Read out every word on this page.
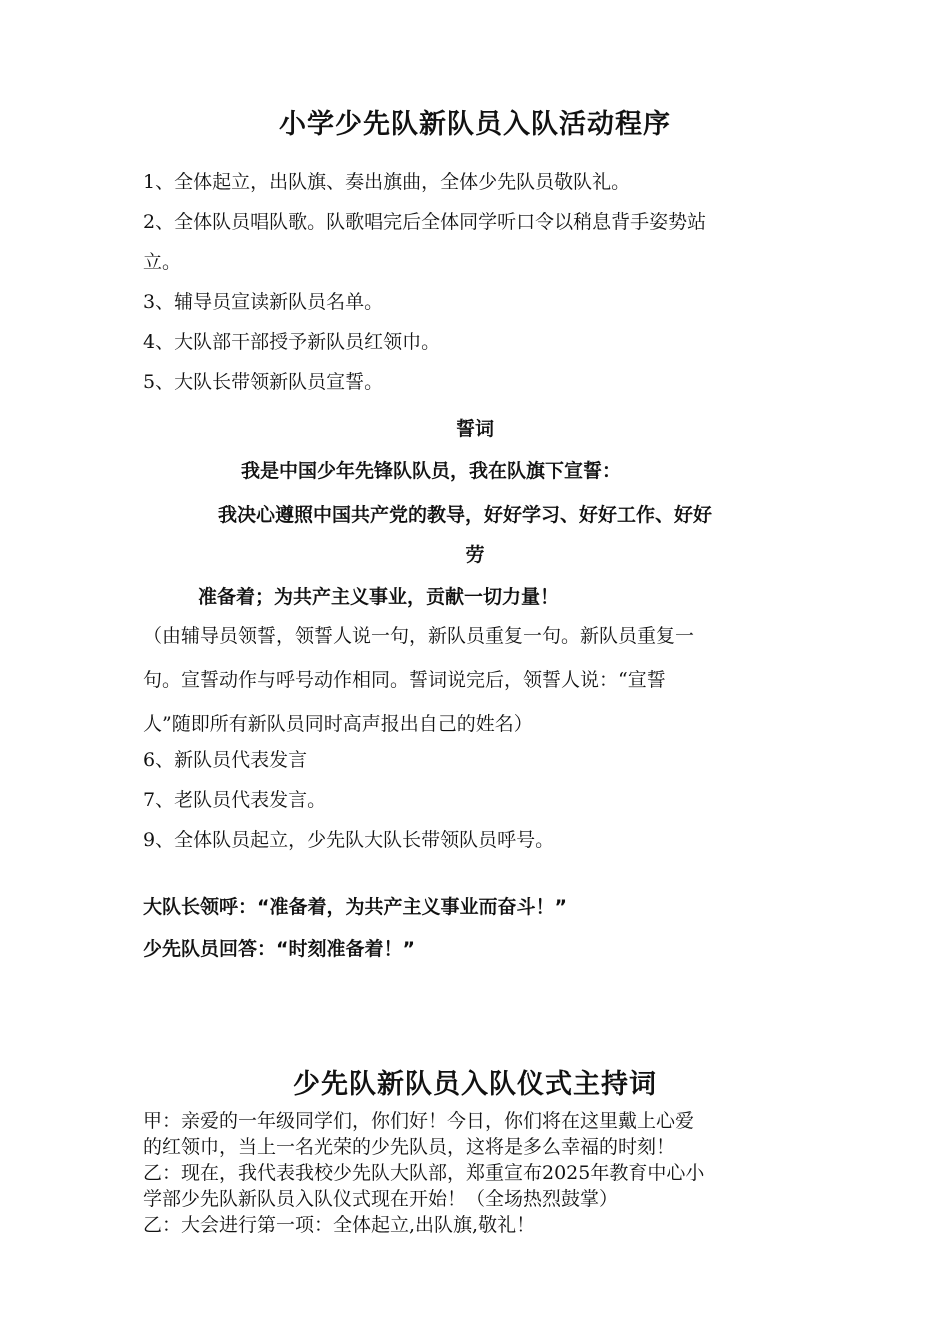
小学少先队新队员入队活动程序
1、全体起立，出队旗、奏出旗曲，全体少先队员敬队礼。
2、全体队员唱队歌。队歌唱完后全体同学听口令以稍息背手姿势站
立。
3、辅导员宣读新队员名单。
4、大队部干部授予新队员红领巾。
5、大队长带领新队员宣誓。
誓词
我是中国少年先锋队队员，我在队旗下宣誓：
我决心遵照中国共产党的教导，好好学习、好好工作、好好
劳
准备着；为共产主义事业，贡献一切力量！
（由辅导员领誓，领誓人说一句，新队员重复一句。新队员重复一
句。宣誓动作与呼号动作相同。誓词说完后，领誓人说：“宣誓
人”随即所有新队员同时高声报出自己的姓名）
6、新队员代表发言
7、老队员代表发言。
9、全体队员起立，少先队大队长带领队员呼号。
大队长领呼：“准备着，为共产主义事业而奋斗！”
少先队员回答：“时刻准备着！”
少先队新队员入队仪式主持词
甲：亲爱的一年级同学们，你们好！今日，你们将在这里戴上心爱
的红领巾，当上一名光荣的少先队员，这将是多么幸福的时刻！
乙：现在，我代表我校少先队大队部，郑重宣布2025年教育中心小
学部少先队新队员入队仪式现在开始！（全场热烈鼓掌）
乙：大会进行第一项：全体起立,出队旗,敬礼！
